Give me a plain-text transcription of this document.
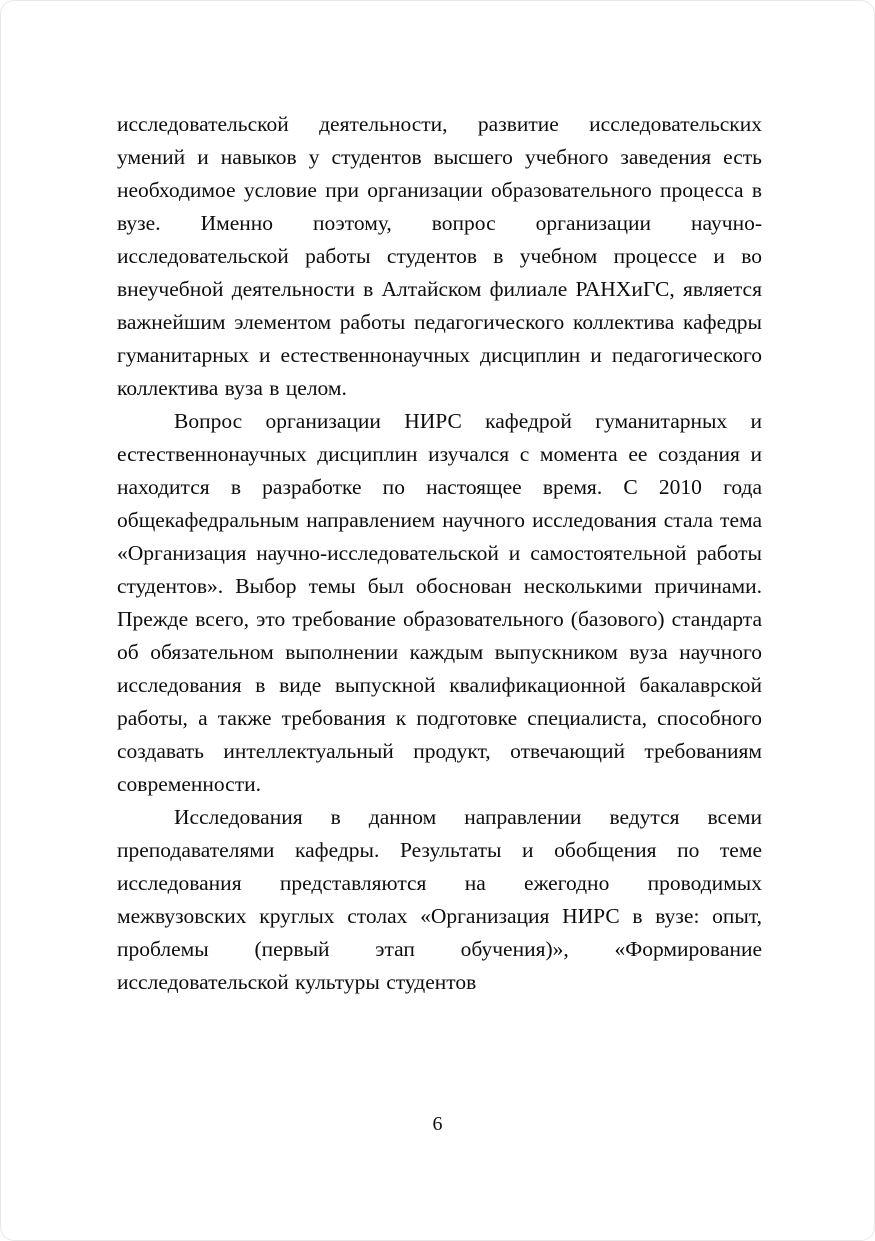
исследовательской деятельности, развитие исследовательских умений и навыков у студентов высшего учебного заведения есть необходимое условие при организации образовательного процесса в вузе. Именно поэтому, вопрос организации научно-исследовательской работы студентов в учебном процессе и во внеучебной деятельности в Алтайском филиале РАНХиГС, является важнейшим элементом работы педагогического коллектива кафедры гуманитарных и естественнонаучных дисциплин и педагогического коллектива вуза в целом.

Вопрос организации НИРС кафедрой гуманитарных и естественнонаучных дисциплин изучался с момента ее создания и находится в разработке по настоящее время. С 2010 года общекафедральным направлением научного исследования стала тема «Организация научно-исследовательской и самостоятельной работы студентов». Выбор темы был обоснован несколькими причинами. Прежде всего, это требование образовательного (базового) стандарта об обязательном выполнении каждым выпускником вуза научного исследования в виде выпускной квалификационной бакалаврской работы, а также требования к подготовке специалиста, способного создавать интеллектуальный продукт, отвечающий требованиям современности.

Исследования в данном направлении ведутся всеми преподавателями кафедры. Результаты и обобщения по теме исследования представляются на ежегодно проводимых межвузовских круглых столах «Организация НИРС в вузе: опыт, проблемы (первый этап обучения)», «Формирование исследовательской культуры студентов

6
